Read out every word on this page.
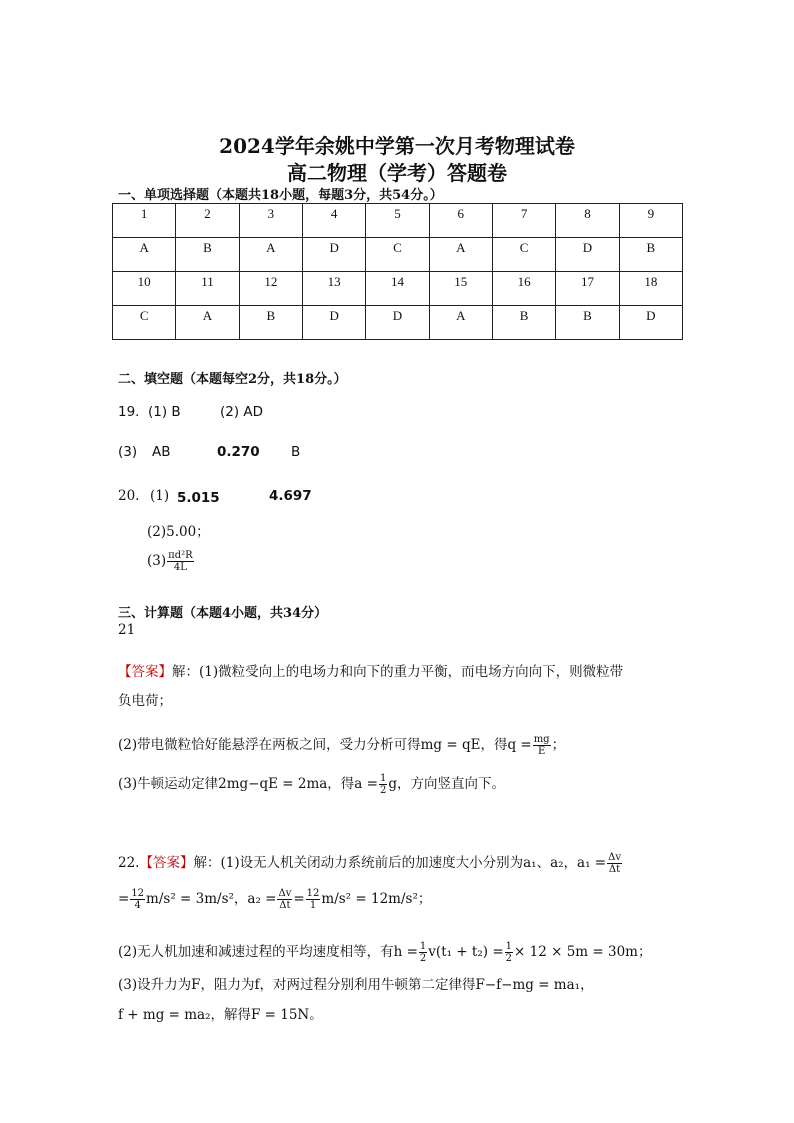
2024学年余姚中学第一次月考物理试卷
高二物理（学考）答题卷
一、单项选择题（本题共18小题，每题3分，共54分。）
1	2	3	4	5	6	7	8	9
A	B	A	D	C	A	C	D	B
10	11	12	13	14	15	16	17	18
C	A	B	D	D	A	B	B	D
二、填空题（本题每空2分，共18分。）
19. (1) B	(2) AD
(3) AB	0.270 B
20. (1) 5.015	4.697
(2)5.00；
$(3) \frac{\text{πd²R}}{4L}$
三、计算题（本题4小题，共34分）
21
【答案】解：(1)微粒受向上的电场力和向下的重力平衡，而电场方向向下，则微粒带
负电荷；
(2)带电微粒恰好能悬浮在两板之间，受力分析可得mg = qE，得$q = \frac{mg}{E}$ ；
(3)牛顿运动定律2mg−qE = 2ma，得$a = \frac{1}{2}$ g，方向竖直向下。
22.【答案】解：(1)设无人机关闭动力系统前后的加速度大小分别为a₁、a₂，$a_1 = \frac{\Delta v}{\Delta t}$
= $\frac{12}{4} m/s^2 = 3m/s^2$，$a_2 = \frac{\Delta v}{\Delta t} = \frac{12}{1} m/s^2 = 12m/s^2$；
(2)无人机加速和减速过程的平均速度相等，有$h = \frac{1}{2} v(t_1 + t_2) = \frac{1}{2} \times 12 \times 5m = 30m$；
(3)设升力为F，阻力为f，对两过程分别利用牛顿第二定律得F−f−mg = ma₁，
f + mg = ma₂，解得F = 15N。
